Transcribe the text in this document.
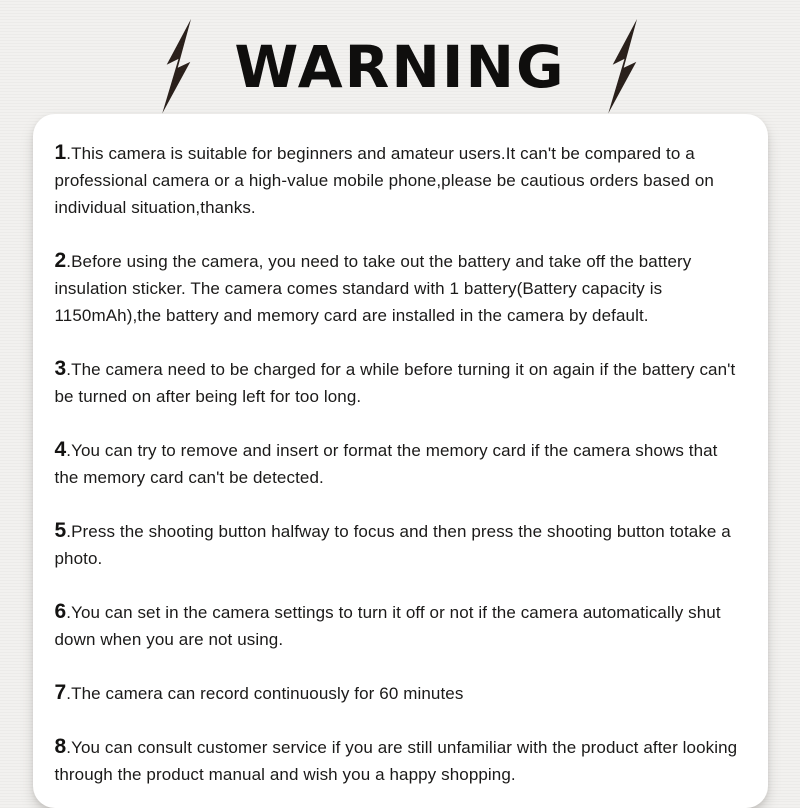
WARNING

1.This camera is suitable for beginners and amateur users.It can't be compared to a professional camera or a high-value mobile phone,please be cautious orders based on individual situation,thanks.

2.Before using the camera, you need to take out the battery and take off the battery insulation sticker. The camera comes standard with 1 battery(Battery capacity is 1150mAh),the battery and memory card are installed in the camera by default.

3.The camera need to be charged for a while before turning it on again if the battery can't be turned on after being left for too long.

4.You can try to remove and insert or format the memory card if the camera shows that the memory card can't be detected.

5.Press the shooting button halfway to focus and then press the shooting button totake a photo.

6.You can set in the camera settings to turn it off or not if the camera automatically shut down when you are not using.

7.The camera can record continuously for 60 minutes

8.You can consult customer service if you are still unfamiliar with the product after looking through the product manual and wish you a happy shopping.
